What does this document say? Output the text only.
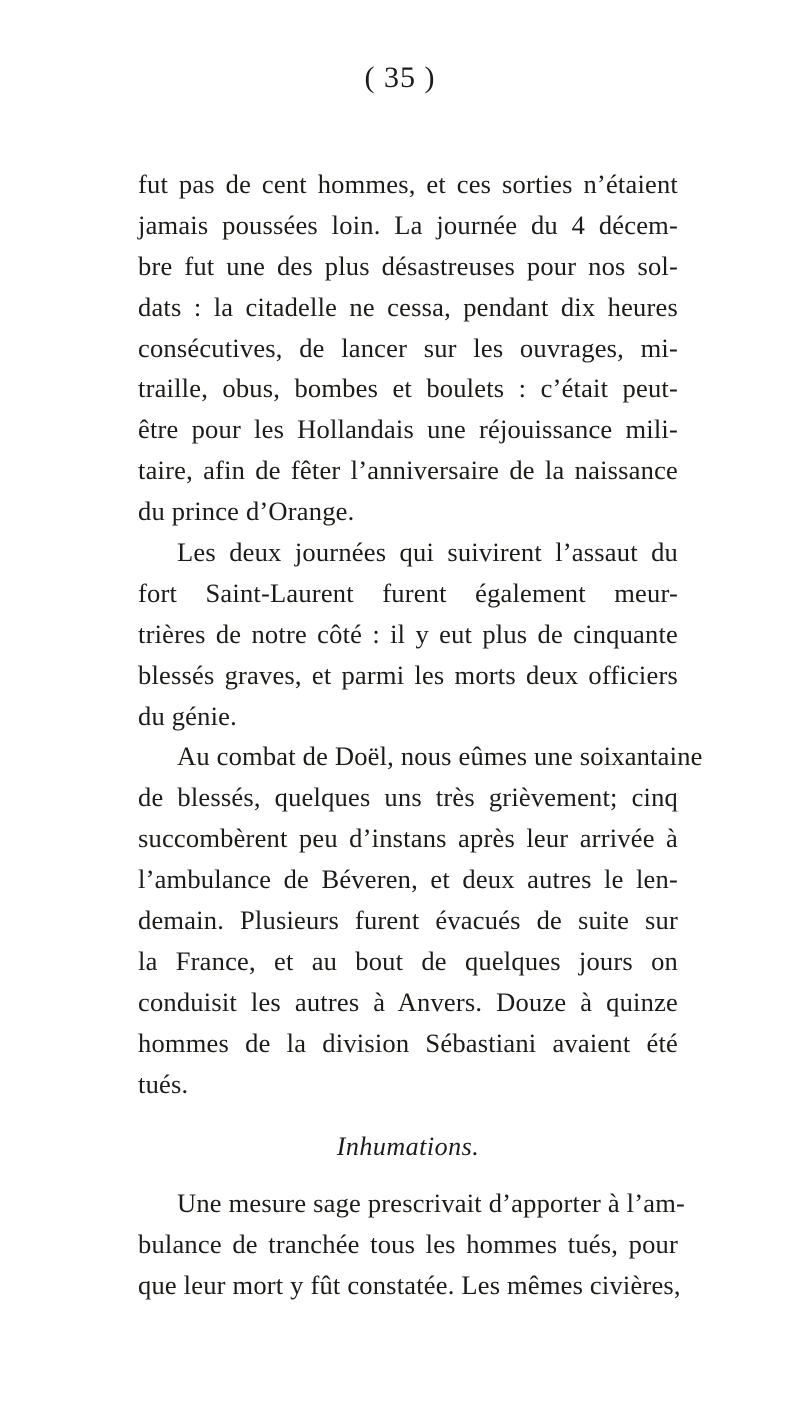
( 35 )
fut pas de cent hommes, et ces sorties n’étaient
jamais poussées loin. La journée du 4 décem-
bre fut une des plus désastreuses pour nos sol-
dats : la citadelle ne cessa, pendant dix heures
consécutives, de lancer sur les ouvrages, mi-
traille, obus, bombes et boulets : c’était peut-
être pour les Hollandais une réjouissance mili-
taire, afin de fêter l’anniversaire de la naissance
du prince d’Orange.
Les deux journées qui suivirent l’assaut du
fort Saint-Laurent furent également meur-
trières de notre côté : il y eut plus de cinquante
blessés graves, et parmi les morts deux officiers
du génie.
Au combat de Doël, nous eûmes une soixantaine
de blessés, quelques uns très grièvement; cinq
succombèrent peu d’instans après leur arrivée à
l’ambulance de Béveren, et deux autres le len-
demain. Plusieurs furent évacués de suite sur
la France, et au bout de quelques jours on
conduisit les autres à Anvers. Douze à quinze
hommes de la division Sébastiani avaient été
tués.
Inhumations.
Une mesure sage prescrivait d’apporter à l’am-
bulance de tranchée tous les hommes tués, pour
que leur mort y fût constatée. Les mêmes civières,
